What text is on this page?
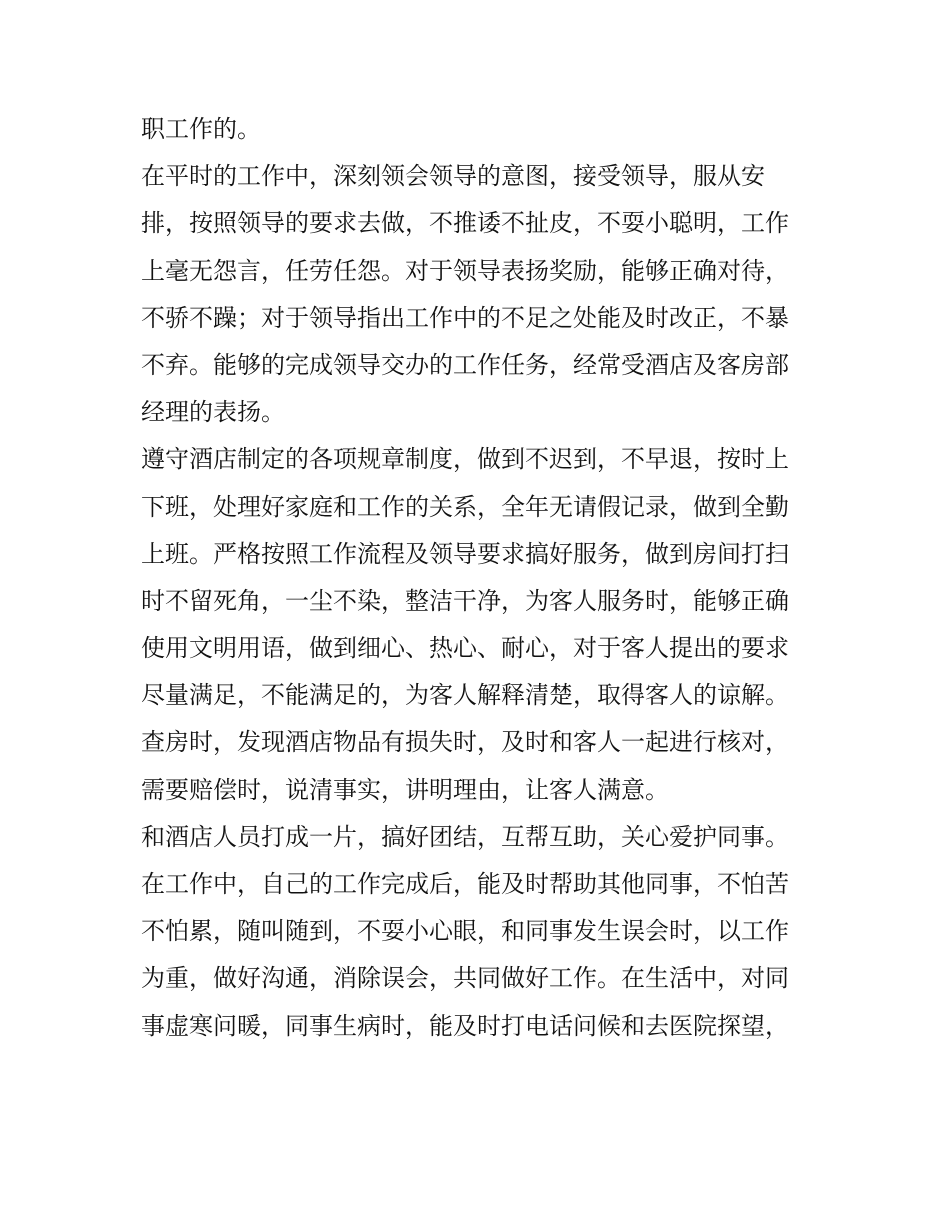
职工作的。
在平时的工作中，深刻领会领导的意图，接受领导，服从安
排，按照领导的要求去做，不推诿不扯皮，不耍小聪明，工作
上毫无怨言，任劳任怨。对于领导表扬奖励，能够正确对待，
不骄不躁；对于领导指出工作中的不足之处能及时改正，不暴
不弃。能够的完成领导交办的工作任务，经常受酒店及客房部
经理的表扬。
遵守酒店制定的各项规章制度，做到不迟到，不早退，按时上
下班，处理好家庭和工作的关系，全年无请假记录，做到全勤
上班。严格按照工作流程及领导要求搞好服务，做到房间打扫
时不留死角，一尘不染，整洁干净，为客人服务时，能够正确
使用文明用语，做到细心、热心、耐心，对于客人提出的要求
尽量满足，不能满足的，为客人解释清楚，取得客人的谅解。
查房时，发现酒店物品有损失时，及时和客人一起进行核对，
需要赔偿时，说清事实，讲明理由，让客人满意。
和酒店人员打成一片，搞好团结，互帮互助，关心爱护同事。
在工作中，自己的工作完成后，能及时帮助其他同事，不怕苦
不怕累，随叫随到，不耍小心眼，和同事发生误会时，以工作
为重，做好沟通，消除误会，共同做好工作。在生活中，对同
事虚寒问暖，同事生病时，能及时打电话问候和去医院探望，
